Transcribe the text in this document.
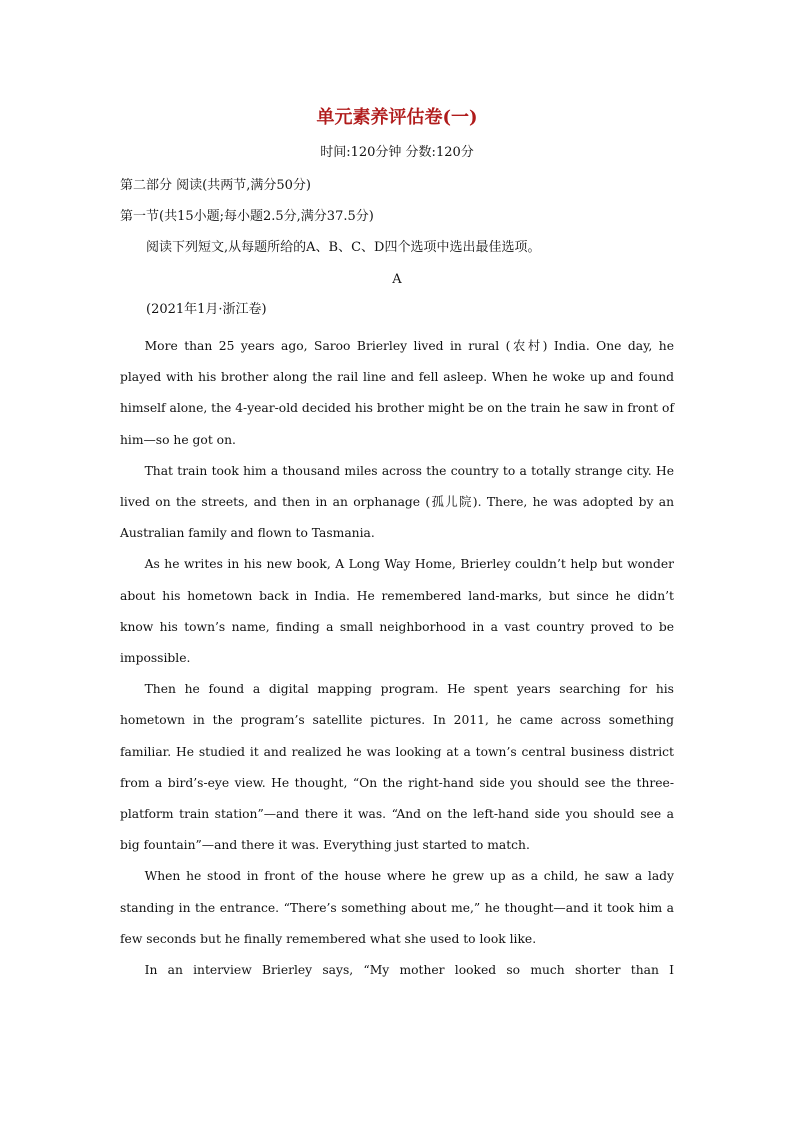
单元素养评估卷(一)
时间:120分钟 分数:120分
第二部分 阅读(共两节,满分50分)
第一节(共15小题;每小题2.5分,满分37.5分)
阅读下列短文,从每题所给的A、B、C、D四个选项中选出最佳选项。
A
(2021年1月·浙江卷)

More than 25 years ago, Saroo Brierley lived in rural (农村) India. One day, he played with his brother along the rail line and fell asleep. When he woke up and found himself alone, the 4-year-old decided his brother might be on the train he saw in front of him—so he got on.

That train took him a thousand miles across the country to a totally strange city. He lived on the streets, and then in an orphanage (孤儿院). There, he was adopted by an Australian family and flown to Tasmania.

As he writes in his new book, A Long Way Home, Brierley couldn’t help but wonder about his hometown back in India. He remembered land-marks, but since he didn’t know his town’s name, finding a small neighborhood in a vast country proved to be impossible.

Then he found a digital mapping program. He spent years searching for his hometown in the program’s satellite pictures. In 2011, he came across something familiar. He studied it and realized he was looking at a town’s central business district from a bird’s-eye view. He thought, “On the right-hand side you should see the three-platform train station”—and there it was. “And on the left-hand side you should see a big fountain”—and there it was. Everything just started to match.

When he stood in front of the house where he grew up as a child, he saw a lady standing in the entrance. “There’s something about me,” he thought—and it took him a few seconds but he finally remembered what she used to look like.

In an interview Brierley says, “My mother looked so much shorter than I
